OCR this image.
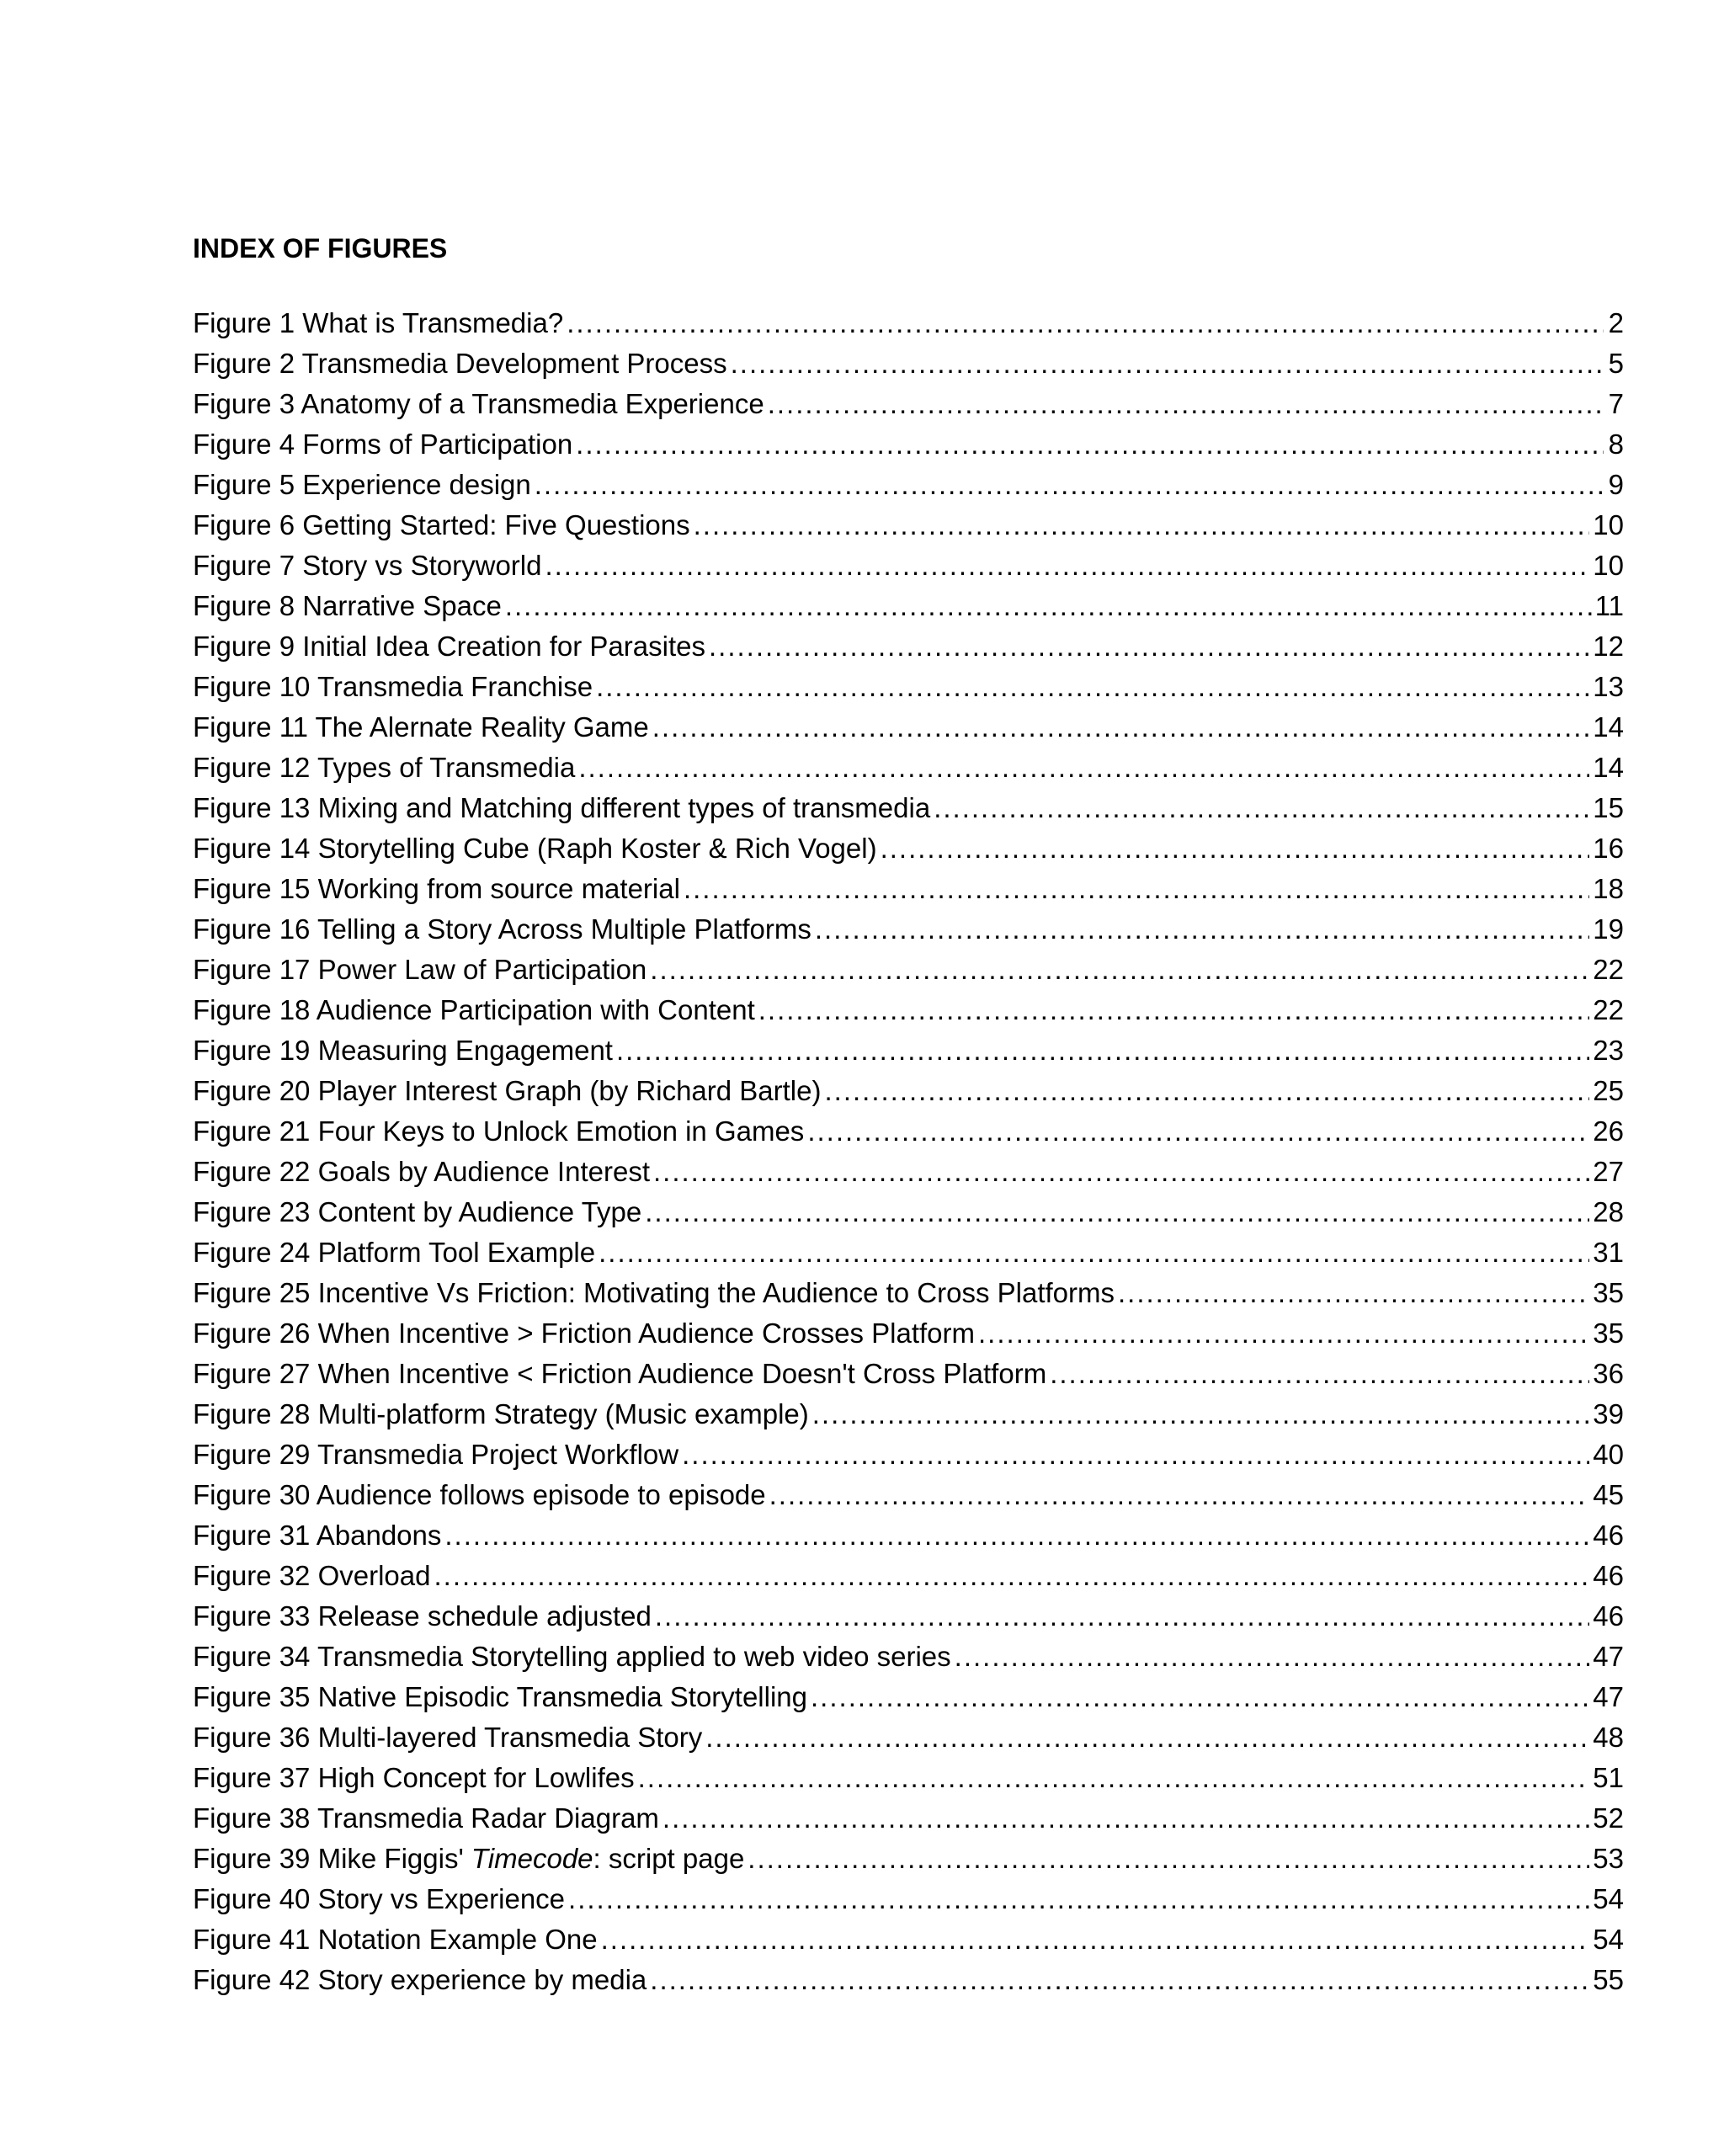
INDEX OF FIGURES
Figure 1 What is Transmedia? .....	2
Figure 2 Transmedia Development Process .....	5
Figure 3 Anatomy of a Transmedia Experience .....	7
Figure 4 Forms of Participation .....	8
Figure 5 Experience design .....	9
Figure 6 Getting Started: Five Questions .....	10
Figure 7 Story vs Storyworld .....	10
Figure 8 Narrative Space .....	11
Figure 9 Initial Idea Creation for Parasites .....	12
Figure 10 Transmedia Franchise .....	13
Figure 11 The Alernate Reality Game .....	14
Figure 12 Types of Transmedia .....	14
Figure 13 Mixing and Matching different types of transmedia .....	15
Figure 14 Storytelling Cube (Raph Koster & Rich Vogel) .....	16
Figure 15 Working from source material .....	18
Figure 16 Telling a Story Across Multiple Platforms .....	19
Figure 17 Power Law of Participation .....	22
Figure 18 Audience Participation with Content .....	22
Figure 19 Measuring Engagement .....	23
Figure 20 Player Interest Graph (by Richard Bartle) .....	25
Figure 21 Four Keys to Unlock Emotion in Games .....	26
Figure 22 Goals by Audience Interest .....	27
Figure 23 Content by Audience Type .....	28
Figure 24 Platform Tool Example .....	31
Figure 25 Incentive Vs Friction: Motivating the Audience to Cross Platforms .....	35
Figure 26 When Incentive > Friction Audience Crosses Platform .....	35
Figure 27 When Incentive < Friction Audience Doesn't Cross Platform .....	36
Figure 28 Multi-platform Strategy (Music example) .....	39
Figure 29 Transmedia Project Workflow .....	40
Figure 30 Audience follows episode to episode .....	45
Figure 31 Abandons .....	46
Figure 32 Overload .....	46
Figure 33 Release schedule adjusted .....	46
Figure 34 Transmedia Storytelling applied to web video series .....	47
Figure 35 Native Episodic Transmedia Storytelling .....	47
Figure 36 Multi-layered Transmedia Story .....	48
Figure 37 High Concept for Lowlifes .....	51
Figure 38 Transmedia Radar Diagram .....	52
Figure 39 Mike Figgis' Timecode: script page .....	53
Figure 40 Story vs Experience .....	54
Figure 41 Notation Example One .....	54
Figure 42 Story experience by media .....	55
